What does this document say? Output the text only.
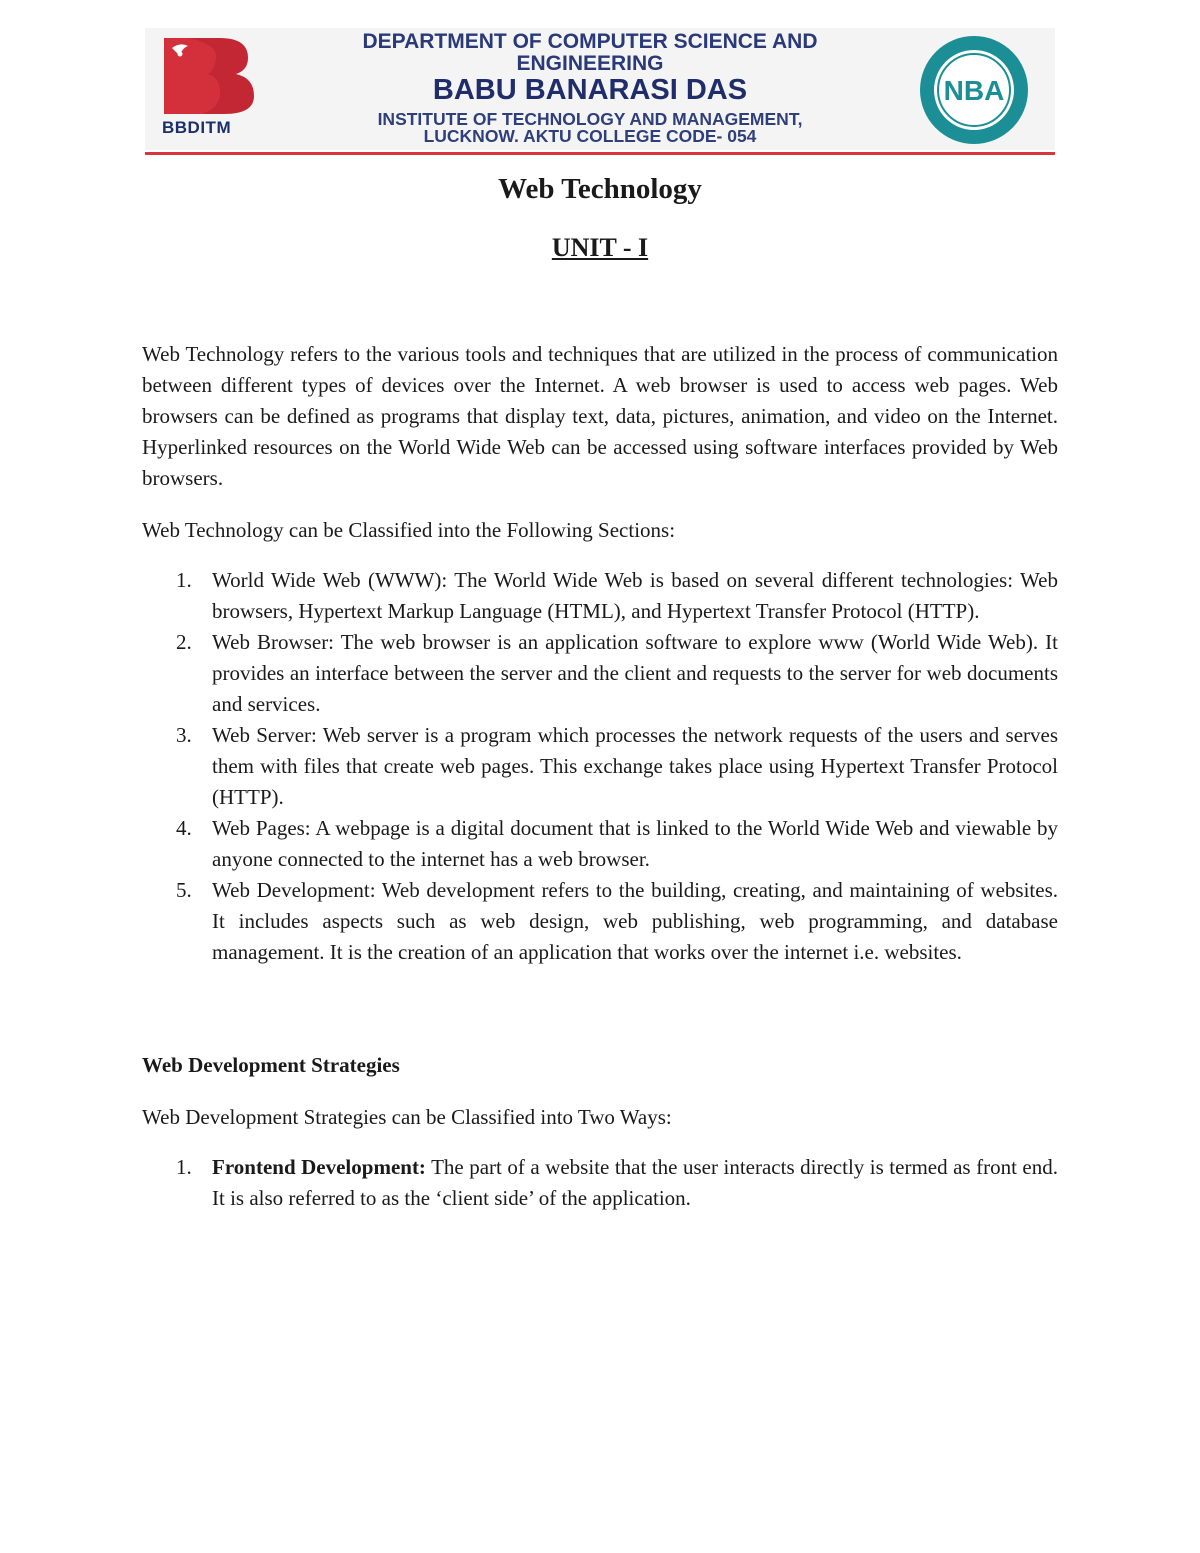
BBDITM
DEPARTMENT OF COMPUTER SCIENCE AND
ENGINEERING
BABU BANARASI DAS
INSTITUTE OF TECHNOLOGY AND MANAGEMENT,
LUCKNOW. AKTU COLLEGE CODE- 054
NBA
Web Technology
UNIT - I
Web Technology refers to the various tools and techniques that are utilized in the process of communication between different types of devices over the Internet. A web browser is used to access web pages. Web browsers can be defined as programs that display text, data, pictures, animation, and video on the Internet. Hyperlinked resources on the World Wide Web can be accessed using software interfaces provided by Web browsers.
Web Technology can be Classified into the Following Sections:
1. World Wide Web (WWW): The World Wide Web is based on several different technologies: Web browsers, Hypertext Markup Language (HTML), and Hypertext Transfer Protocol (HTTP).
2. Web Browser: The web browser is an application software to explore www (World Wide Web). It provides an interface between the server and the client and requests to the server for web documents and services.
3. Web Server: Web server is a program which processes the network requests of the users and serves them with files that create web pages. This exchange takes place using Hypertext Transfer Protocol (HTTP).
4. Web Pages: A webpage is a digital document that is linked to the World Wide Web and viewable by anyone connected to the internet has a web browser.
5. Web Development: Web development refers to the building, creating, and maintaining of websites. It includes aspects such as web design, web publishing, web programming, and database management. It is the creation of an application that works over the internet i.e. websites.
Web Development Strategies
Web Development Strategies can be Classified into Two Ways:
1. Frontend Development: The part of a website that the user interacts directly is termed as front end. It is also referred to as the ‘client side’ of the application.
